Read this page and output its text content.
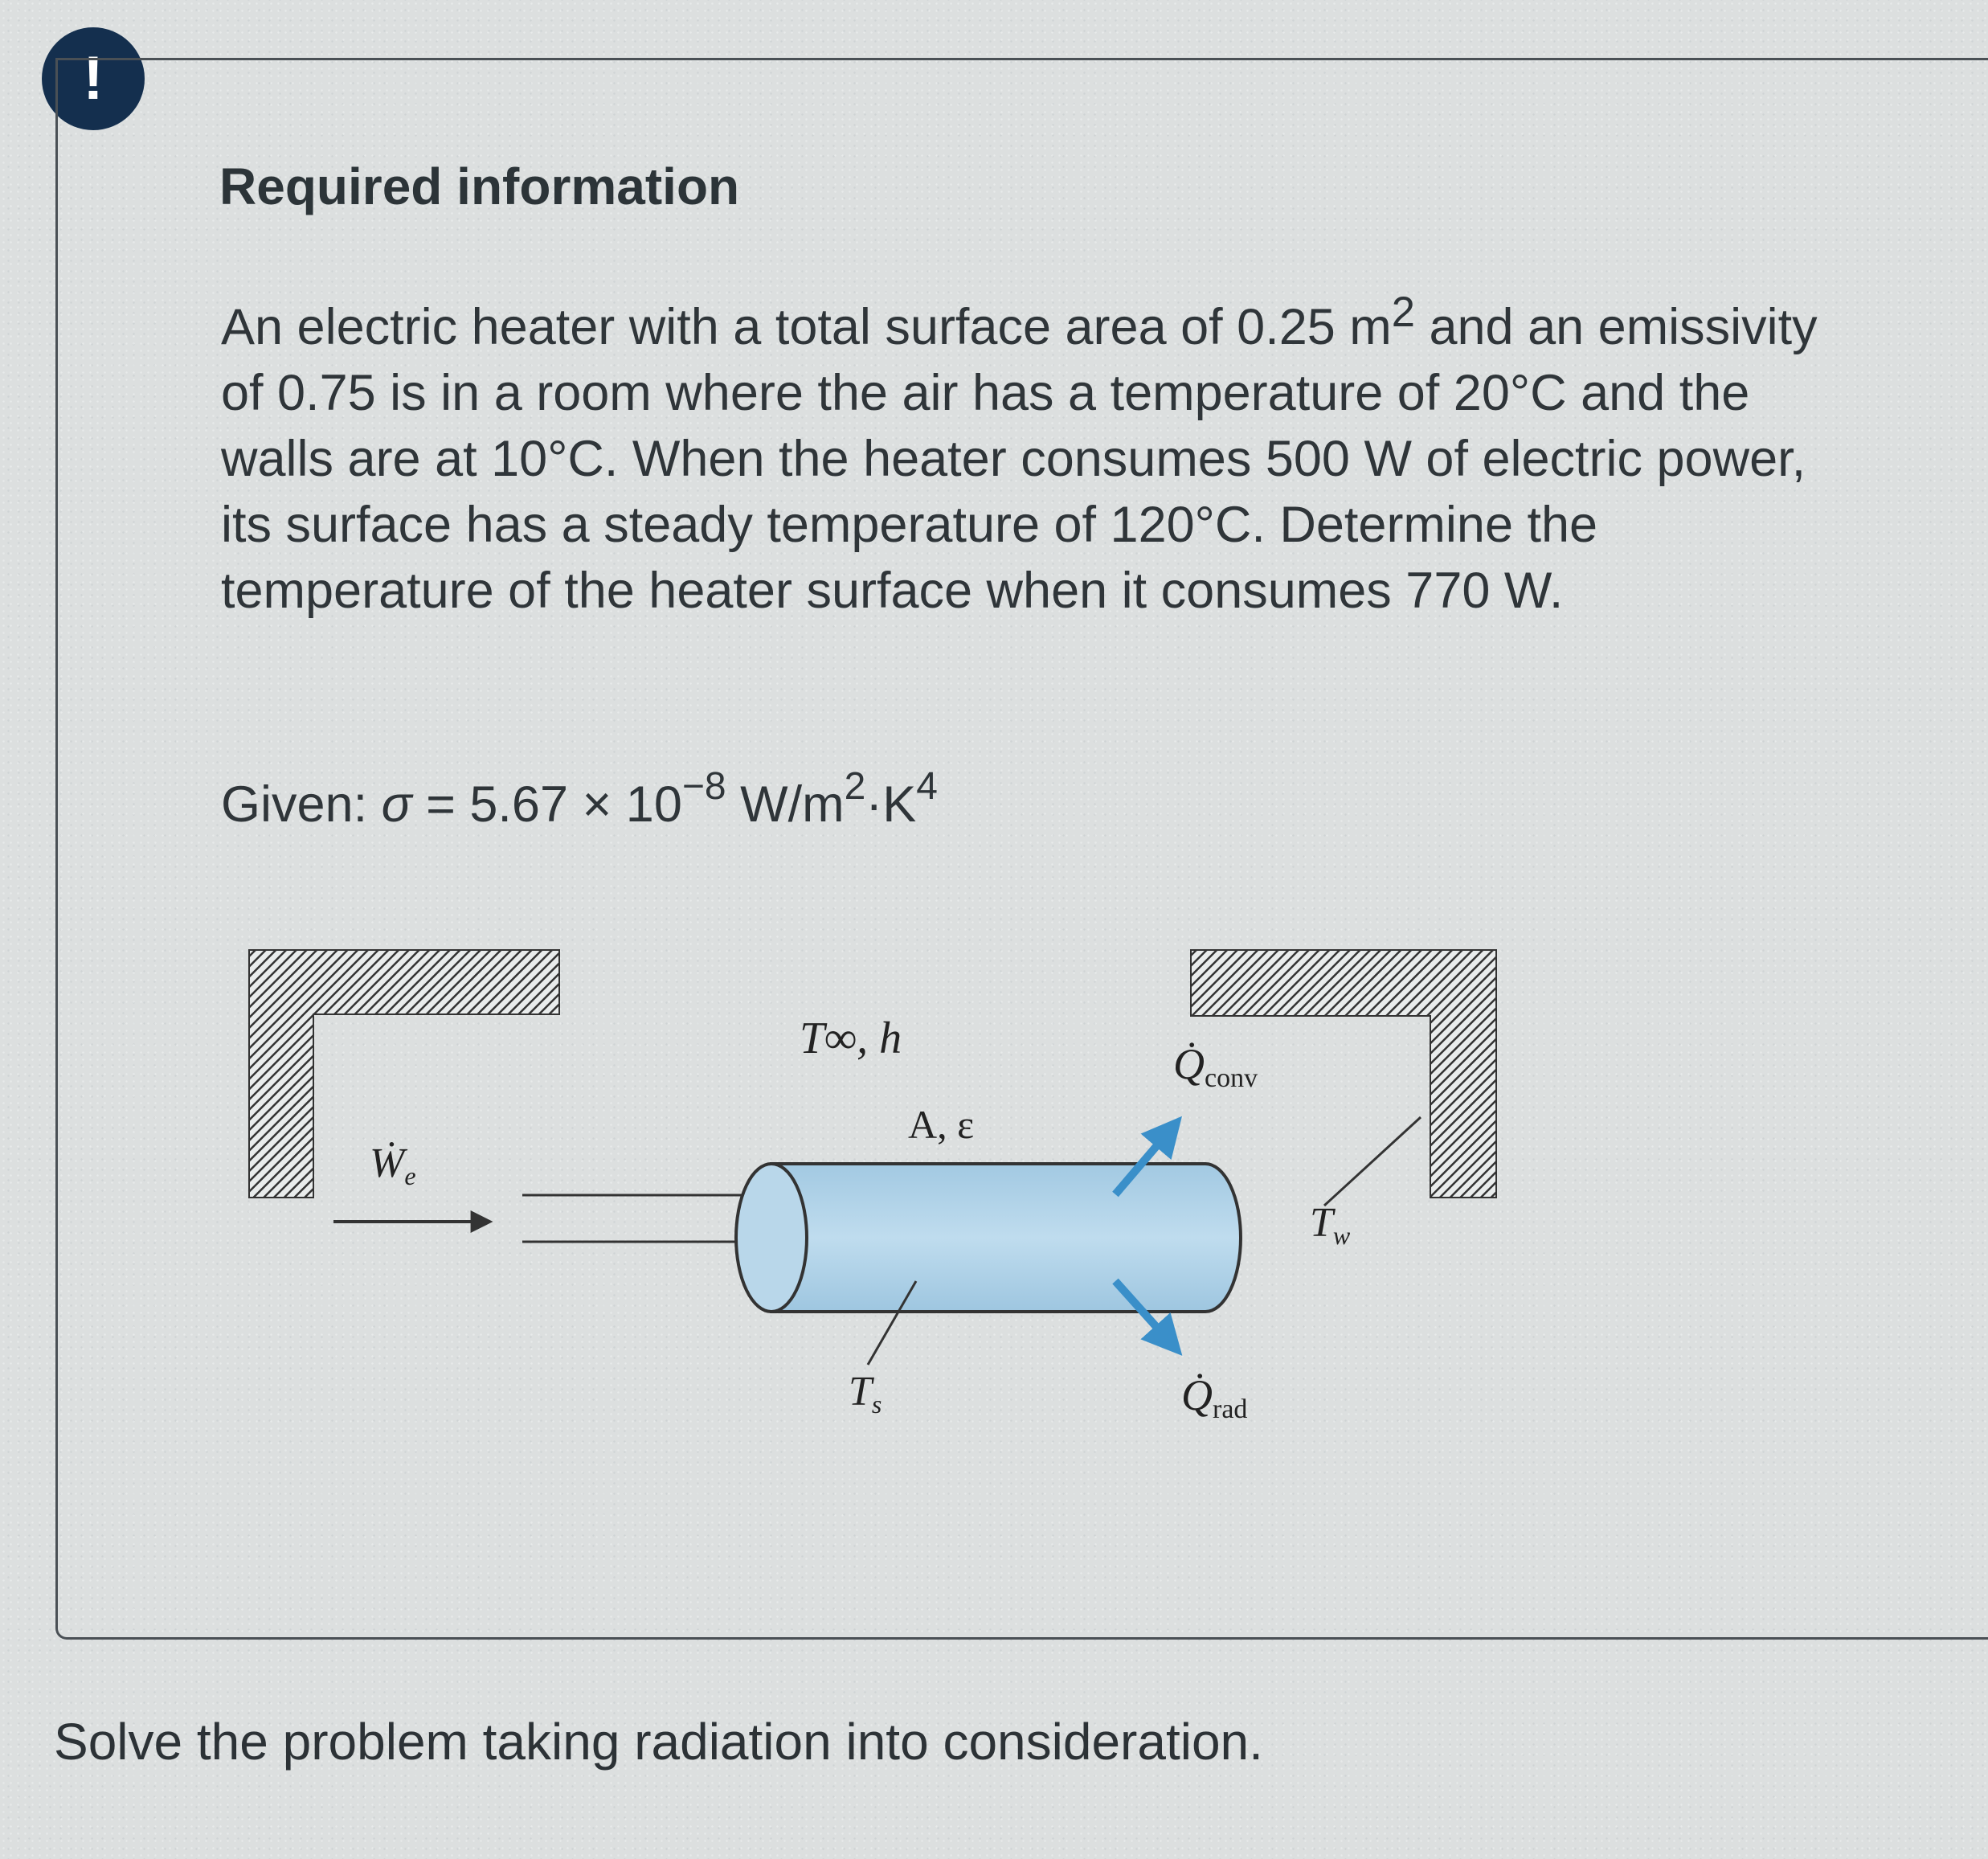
!
Required information

An electric heater with a total surface area of 0.25 $m^2$ and an emissivity of 0.75 is in a room where the air has a temperature of 20°C and the walls are at 10°C. When the heater consumes 500 W of electric power, its surface has a steady temperature of 120°C. Determine the temperature of the heater surface when it consumes 770 W.

Given: $\sigma = 5.67 \times 10^{-8}$ $W/m^2\cdot K^4$
T∞, h
A, ε
Q̇conv
Ẇe
Tw
Ts	Q̇rad
Solve the problem taking radiation into consideration.
